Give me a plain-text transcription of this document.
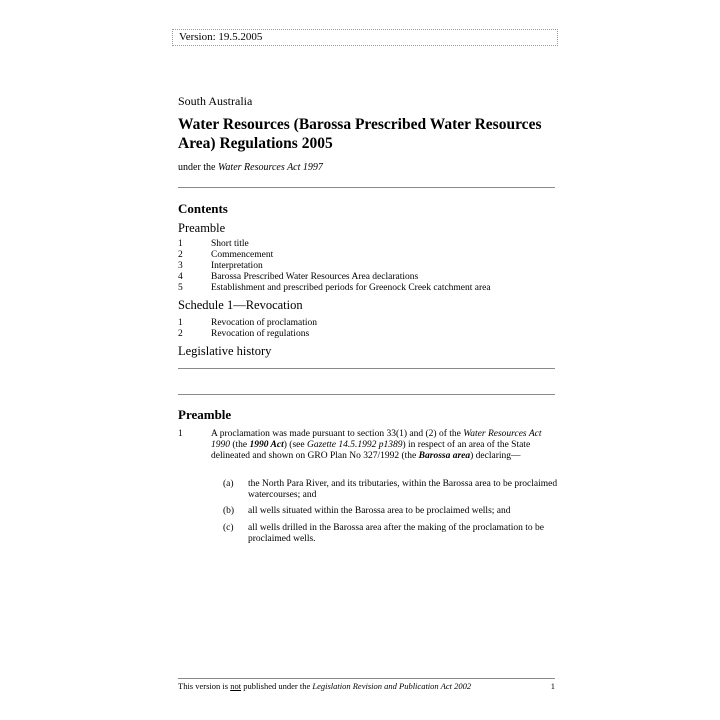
Version: 19.5.2005
South Australia
Water Resources (Barossa Prescribed Water Resources Area) Regulations 2005
under the Water Resources Act 1997
Contents
Preamble
1	Short title
2	Commencement
3	Interpretation
4	Barossa Prescribed Water Resources Area declarations
5	Establishment and prescribed periods for Greenock Creek catchment area
Schedule 1—Revocation
1	Revocation of proclamation
2	Revocation of regulations
Legislative history
Preamble
1	A proclamation was made pursuant to section 33(1) and (2) of the Water Resources Act 1990 (the 1990 Act) (see Gazette 14.5.1992 p1389) in respect of an area of the State delineated and shown on GRO Plan No 327/1992 (the Barossa area) declaring—
(a) the North Para River, and its tributaries, within the Barossa area to be proclaimed watercourses; and
(b) all wells situated within the Barossa area to be proclaimed wells; and
(c) all wells drilled in the Barossa area after the making of the proclamation to be proclaimed wells.
This version is not published under the Legislation Revision and Publication Act 2002	1
